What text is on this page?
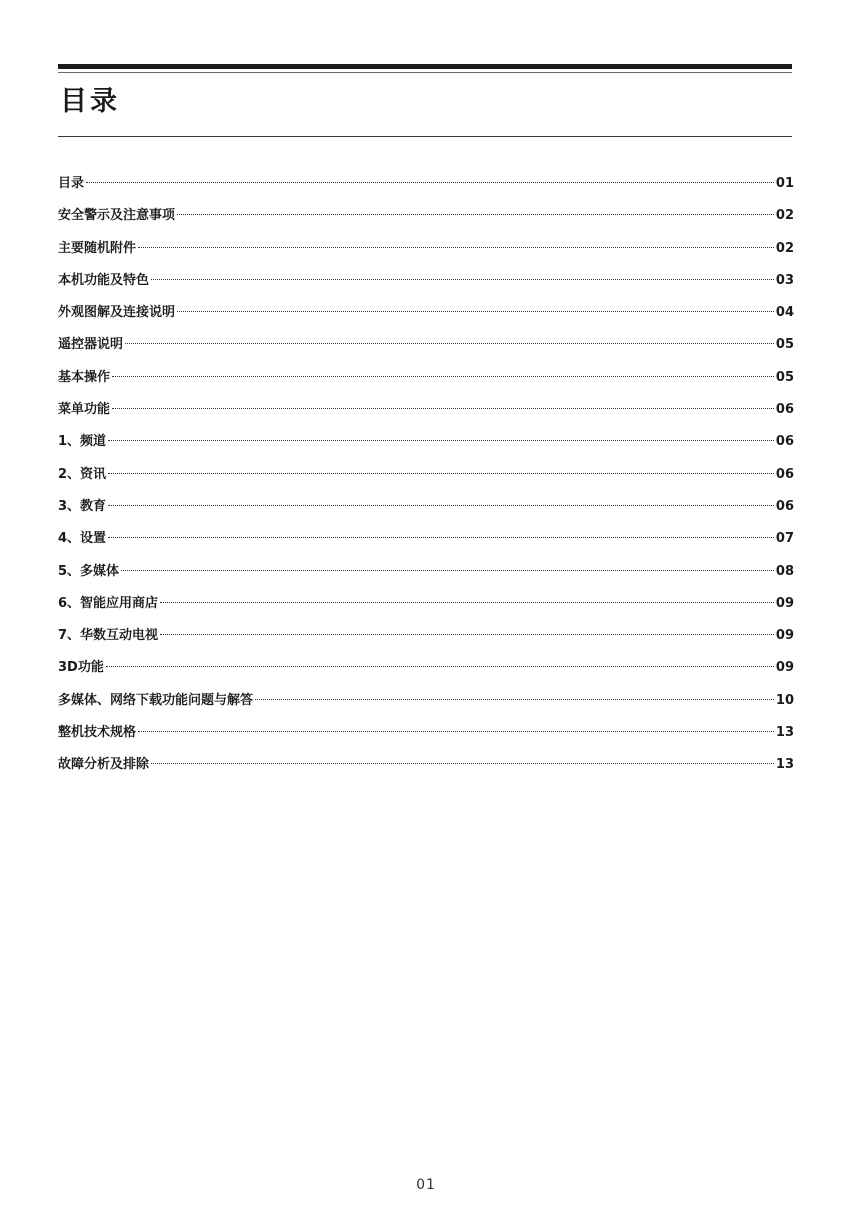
目录
目录	01
安全警示及注意事项	02
主要随机附件	02
本机功能及特色	03
外观图解及连接说明	04
遥控器说明	05
基本操作	05
菜单功能	06
1、频道	06
2、资讯	06
3、教育	06
4、设置	07
5、多媒体	08
6、智能应用商店	09
7、华数互动电视	09
3D功能	09
多媒体、网络下载功能问题与解答	10
整机技术规格	13
故障分析及排除	13
01
